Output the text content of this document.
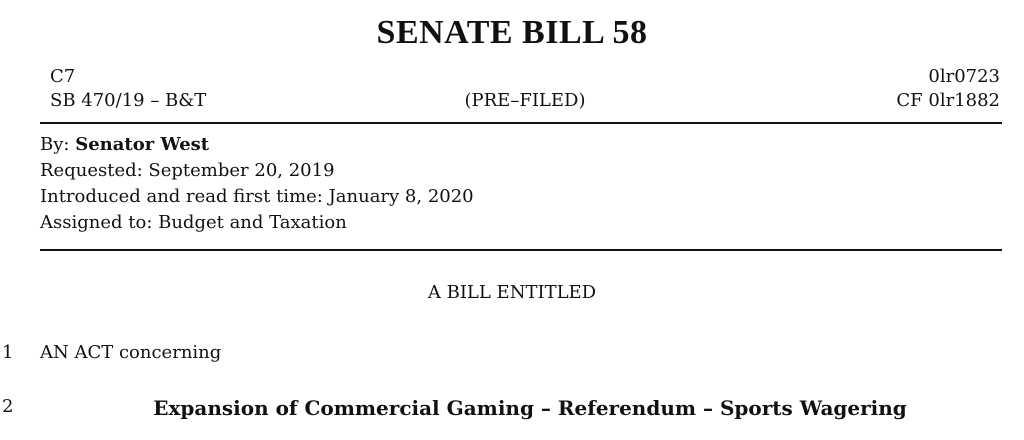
SENATE BILL 58
C7	0lr0723
SB 470/19 – B&T	(PRE–FILED)	CF 0lr1882
By: Senator West
Requested: September 20, 2019
Introduced and read first time: January 8, 2020
Assigned to: Budget and Taxation
A BILL ENTITLED
1 AN ACT concerning
2	Expansion of Commercial Gaming – Referendum – Sports Wagering
